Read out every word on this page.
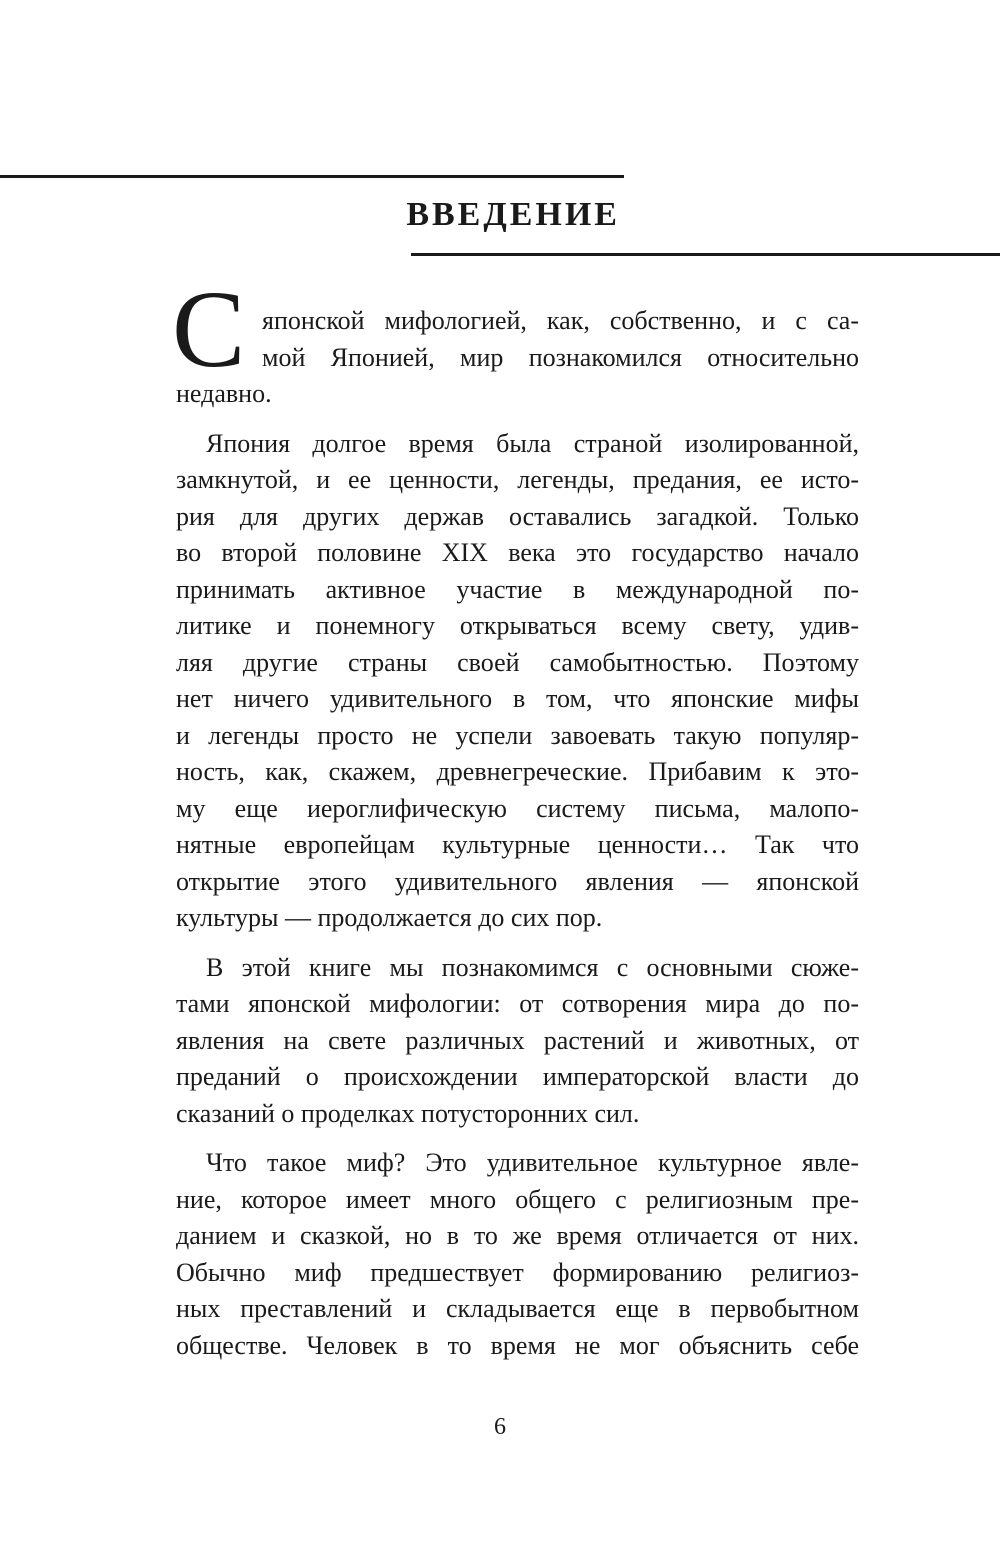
ВВЕДЕНИЕ
С японской мифологией, как, собственно, и с са-
мой Японией, мир познакомился относительно
недавно.
Япония долгое время была страной изолированной,
замкнутой, и ее ценности, легенды, предания, ее исто-
рия для других держав оставались загадкой. Только
во второй половине XIX века это государство начало
принимать активное участие в международной по-
литике и понемногу открываться всему свету, удив-
ляя другие страны своей самобытностью. Поэтому
нет ничего удивительного в том, что японские мифы
и легенды просто не успели завоевать такую популяр-
ность, как, скажем, древнегреческие. Прибавим к это-
му еще иероглифическую систему письма, малопо-
нятные европейцам культурные ценности… Так что
открытие этого удивительного явления — японской
культуры — продолжается до сих пор.
В этой книге мы познакомимся с основными сюже-
тами японской мифологии: от сотворения мира до по-
явления на свете различных растений и животных, от
преданий о происхождении императорской власти до
сказаний о проделках потусторонних сил.
Что такое миф? Это удивительное культурное явле-
ние, которое имеет много общего с религиозным пре-
данием и сказкой, но в то же время отличается от них.
Обычно миф предшествует формированию религиоз-
ных преставлений и складывается еще в первобытном
обществе. Человек в то время не мог объяснить себе
6
